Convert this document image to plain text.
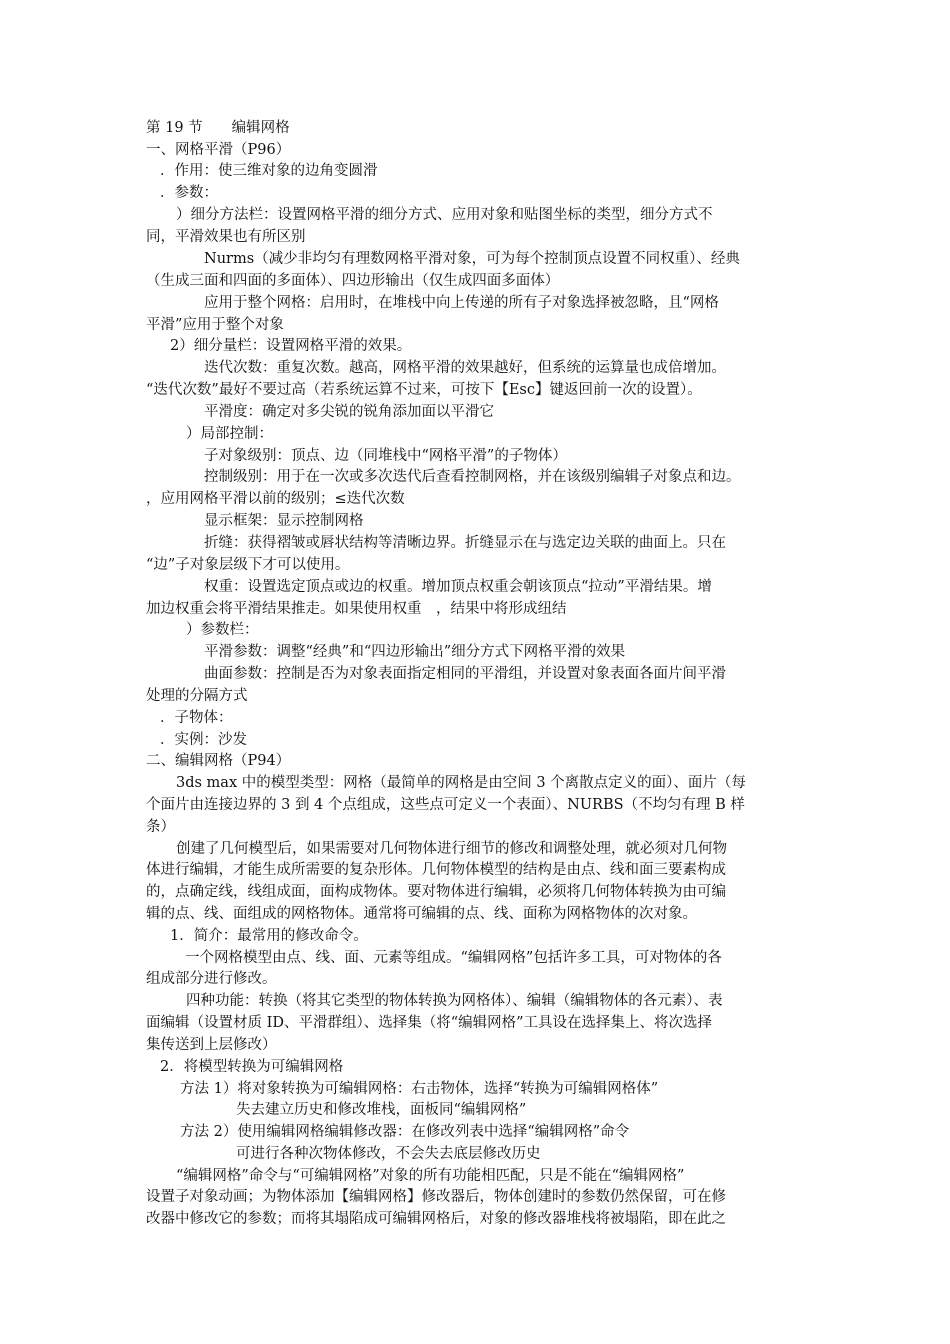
第 19 节　　编辑网格
一、网格平滑（P96）
．作用：使三维对象的边角变圆滑
．参数：
）细分方法栏：设置网格平滑的细分方式、应用对象和贴图坐标的类型，细分方式不
同，平滑效果也有所区别
Nurms（减少非均匀有理数网格平滑对象，可为每个控制顶点设置不同权重）、经典
（生成三面和四面的多面体）、四边形输出（仅生成四面多面体）
应用于整个网格：启用时，在堆栈中向上传递的所有子对象选择被忽略，且“网格
平滑”应用于整个对象
2）细分量栏：设置网格平滑的效果。
迭代次数：重复次数。越高，网格平滑的效果越好，但系统的运算量也成倍增加。
“迭代次数”最好不要过高（若系统运算不过来，可按下【Esc】键返回前一次的设置）。
平滑度：确定对多尖锐的锐角添加面以平滑它
）局部控制：
子对象级别：顶点、边（同堆栈中“网格平滑”的子物体）
控制级别：用于在一次或多次迭代后查看控制网格，并在该级别编辑子对象点和边。
，应用网格平滑以前的级别；≤迭代次数
显示框架：显示控制网格
折缝：获得褶皱或唇状结构等清晰边界。折缝显示在与选定边关联的曲面上。只在
“边”子对象层级下才可以使用。
权重：设置选定顶点或边的权重。增加顶点权重会朝该顶点“拉动”平滑结果。增
加边权重会将平滑结果推走。如果使用权重　，结果中将形成纽结
）参数栏：
平滑参数：调整“经典”和“四边形输出”细分方式下网格平滑的效果
曲面参数：控制是否为对象表面指定相同的平滑组，并设置对象表面各面片间平滑
处理的分隔方式
．子物体：
．实例：沙发
二、编辑网格（P94）
3ds max 中的模型类型：网格（最简单的网格是由空间 3 个离散点定义的面）、面片（每
个面片由连接边界的 3 到 4 个点组成，这些点可定义一个表面）、NURBS（不均匀有理 B 样
条）
创建了几何模型后，如果需要对几何物体进行细节的修改和调整处理，就必须对几何物
体进行编辑，才能生成所需要的复杂形体。几何物体模型的结构是由点、线和面三要素构成
的，点确定线，线组成面，面构成物体。要对物体进行编辑，必须将几何物体转换为由可编
辑的点、线、面组成的网格物体。通常将可编辑的点、线、面称为网格物体的次对象。
1．简介：最常用的修改命令。
一个网格模型由点、线、面、元素等组成。“编辑网格”包括许多工具，可对物体的各
组成部分进行修改。
四种功能：转换（将其它类型的物体转换为网格体）、编辑（编辑物体的各元素）、表
面编辑（设置材质 ID、平滑群组）、选择集（将“编辑网格”工具设在选择集上、将次选择
集传送到上层修改）
2．将模型转换为可编辑网格
方法 1）将对象转换为可编辑网格：右击物体，选择“转换为可编辑网格体”
失去建立历史和修改堆栈，面板同“编辑网格”
方法 2）使用编辑网格编辑修改器：在修改列表中选择“编辑网格”命令
可进行各种次物体修改，不会失去底层修改历史
“编辑网格”命令与“可编辑网格”对象的所有功能相匹配，只是不能在“编辑网格”
设置子对象动画；为物体添加【编辑网格】修改器后，物体创建时的参数仍然保留，可在修
改器中修改它的参数；而将其塌陷成可编辑网格后，对象的修改器堆栈将被塌陷，即在此之
